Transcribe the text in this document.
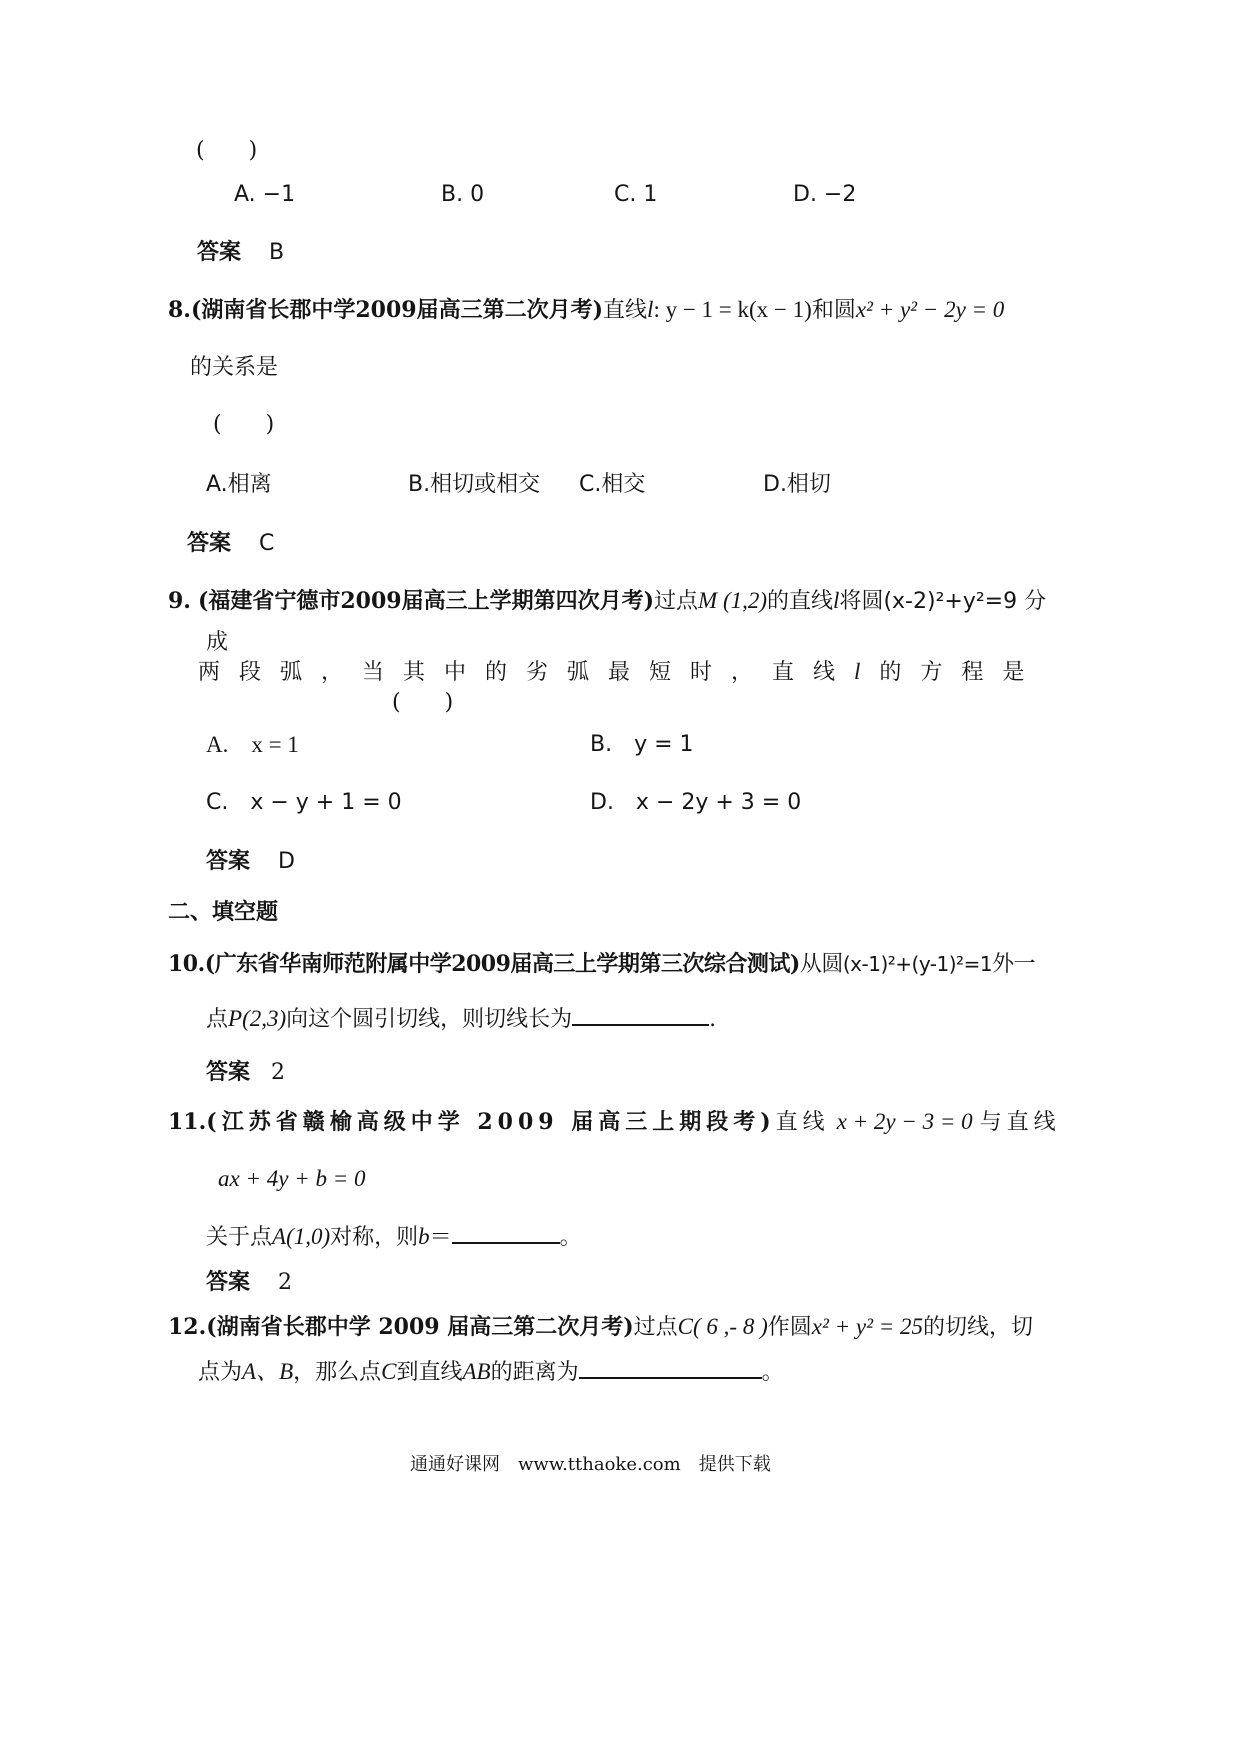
(　　)
A. −1	B. 0	C. 1	D. −2
答案 B
8.(湖南省长郡中学2009届高三第二次月考)直线l: y − 1 = k(x − 1)和圆x² + y² − 2y = 0
的关系是
(　　)
A.相离	B.相切或相交 C.相交	D.相切
答案 C
9. (福建省宁德市2009届高三上学期第四次月考)过点M (1,2)的直线l将圆(x-2)²+y²=9 分
成
两段弧，当其中的劣弧最短时，直线l 的方程是
(　　)
A.　x = 1	B.　y = 1
C.　x − y + 1 = 0	D.　x − 2y + 3 = 0
答案 D
二、填空题
10.(广东省华南师范附属中学2009届高三上学期第三次综合测试)从圆(x-1)²+(y-1)²=1外一
点P(2,3)向这个圆引切线，则切线长为	.
答案 2
11.(江苏省赣榆高级中学 2009 届高三上期段考)直线 x + 2y − 3 = 0 与直线
ax + 4y + b = 0
关于点A(1,0)对称，则b＝	。
答案 2
12.(湖南省长郡中学 2009 届高三第二次月考)过点C( 6 ,- 8 )作圆x² + y² = 25的切线，切
点为A、B，那么点C到直线AB的距离为	。
通通好课网　www.tthaoke.com　提供下载
